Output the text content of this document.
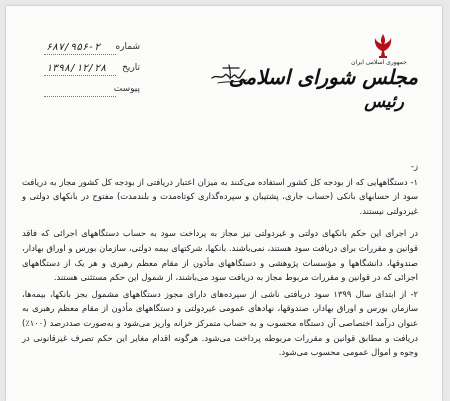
جمهوری اسلامی ایران
مجلس شورای اسلامی
رئیس
شماره
۶۸۷/۹۵۶-۲
تاریخ
۱۳۹۸/۱۲/۲۸
پیوست

ز-

۱- دستگاههایی که از بودجه کل کشور استفاده می‌کنند به میزان اعتبار دریافتی از بودجه کل کشور مجاز به دریافت سود از حسابهای بانکی (حساب جاری، پشتیبان و سپرده‌گذاری کوتاه‌مدت و بلندمدت) مفتوح در بانکهای دولتی و غیردولتی نیستند.

در اجرای این حکم بانکهای دولتی و غیردولتی نیز مجاز به پرداخت سود به حساب دستگاههای اجرائی که فاقد قوانین و مقررات برای دریافت سود هستند، نمی‌باشند. بانکها، شرکتهای بیمه دولتی، سازمان بورس و اوراق بهادار، صندوقها، دانشگاهها و مؤسسات پژوهشی و دستگاههای مأذون از مقام معظم رهبری و هر یک از دستگاههای اجرائی که در قوانین و مقررات مربوط مجاز به دریافت سود می‌باشند، از شمول این حکم مستثنی هستند.

۲- از ابتدای سال ۱۳۹۹ سود دریافتی ناشی از سپرده‌های دارای مجوز دستگاههای مشمول بجز بانکها، بیمه‌ها، سازمان بورس و اوراق بهادار، صندوقها، نهادهای عمومی غیردولتی و دستگاههای مأذون از مقام معظم رهبری به عنوان درآمد اختصاصی آن دستگاه محسوب و به حساب متمرکز خزانه واریز می‌شود و به‌صورت صددرصد (۱۰۰٪) دریافت و مطابق قوانین و مقررات مربوطه پرداخت می‌شود. هرگونه اقدام مغایر این حکم تصرف غیرقانونی در وجوه و اموال عمومی محسوب می‌شود.
